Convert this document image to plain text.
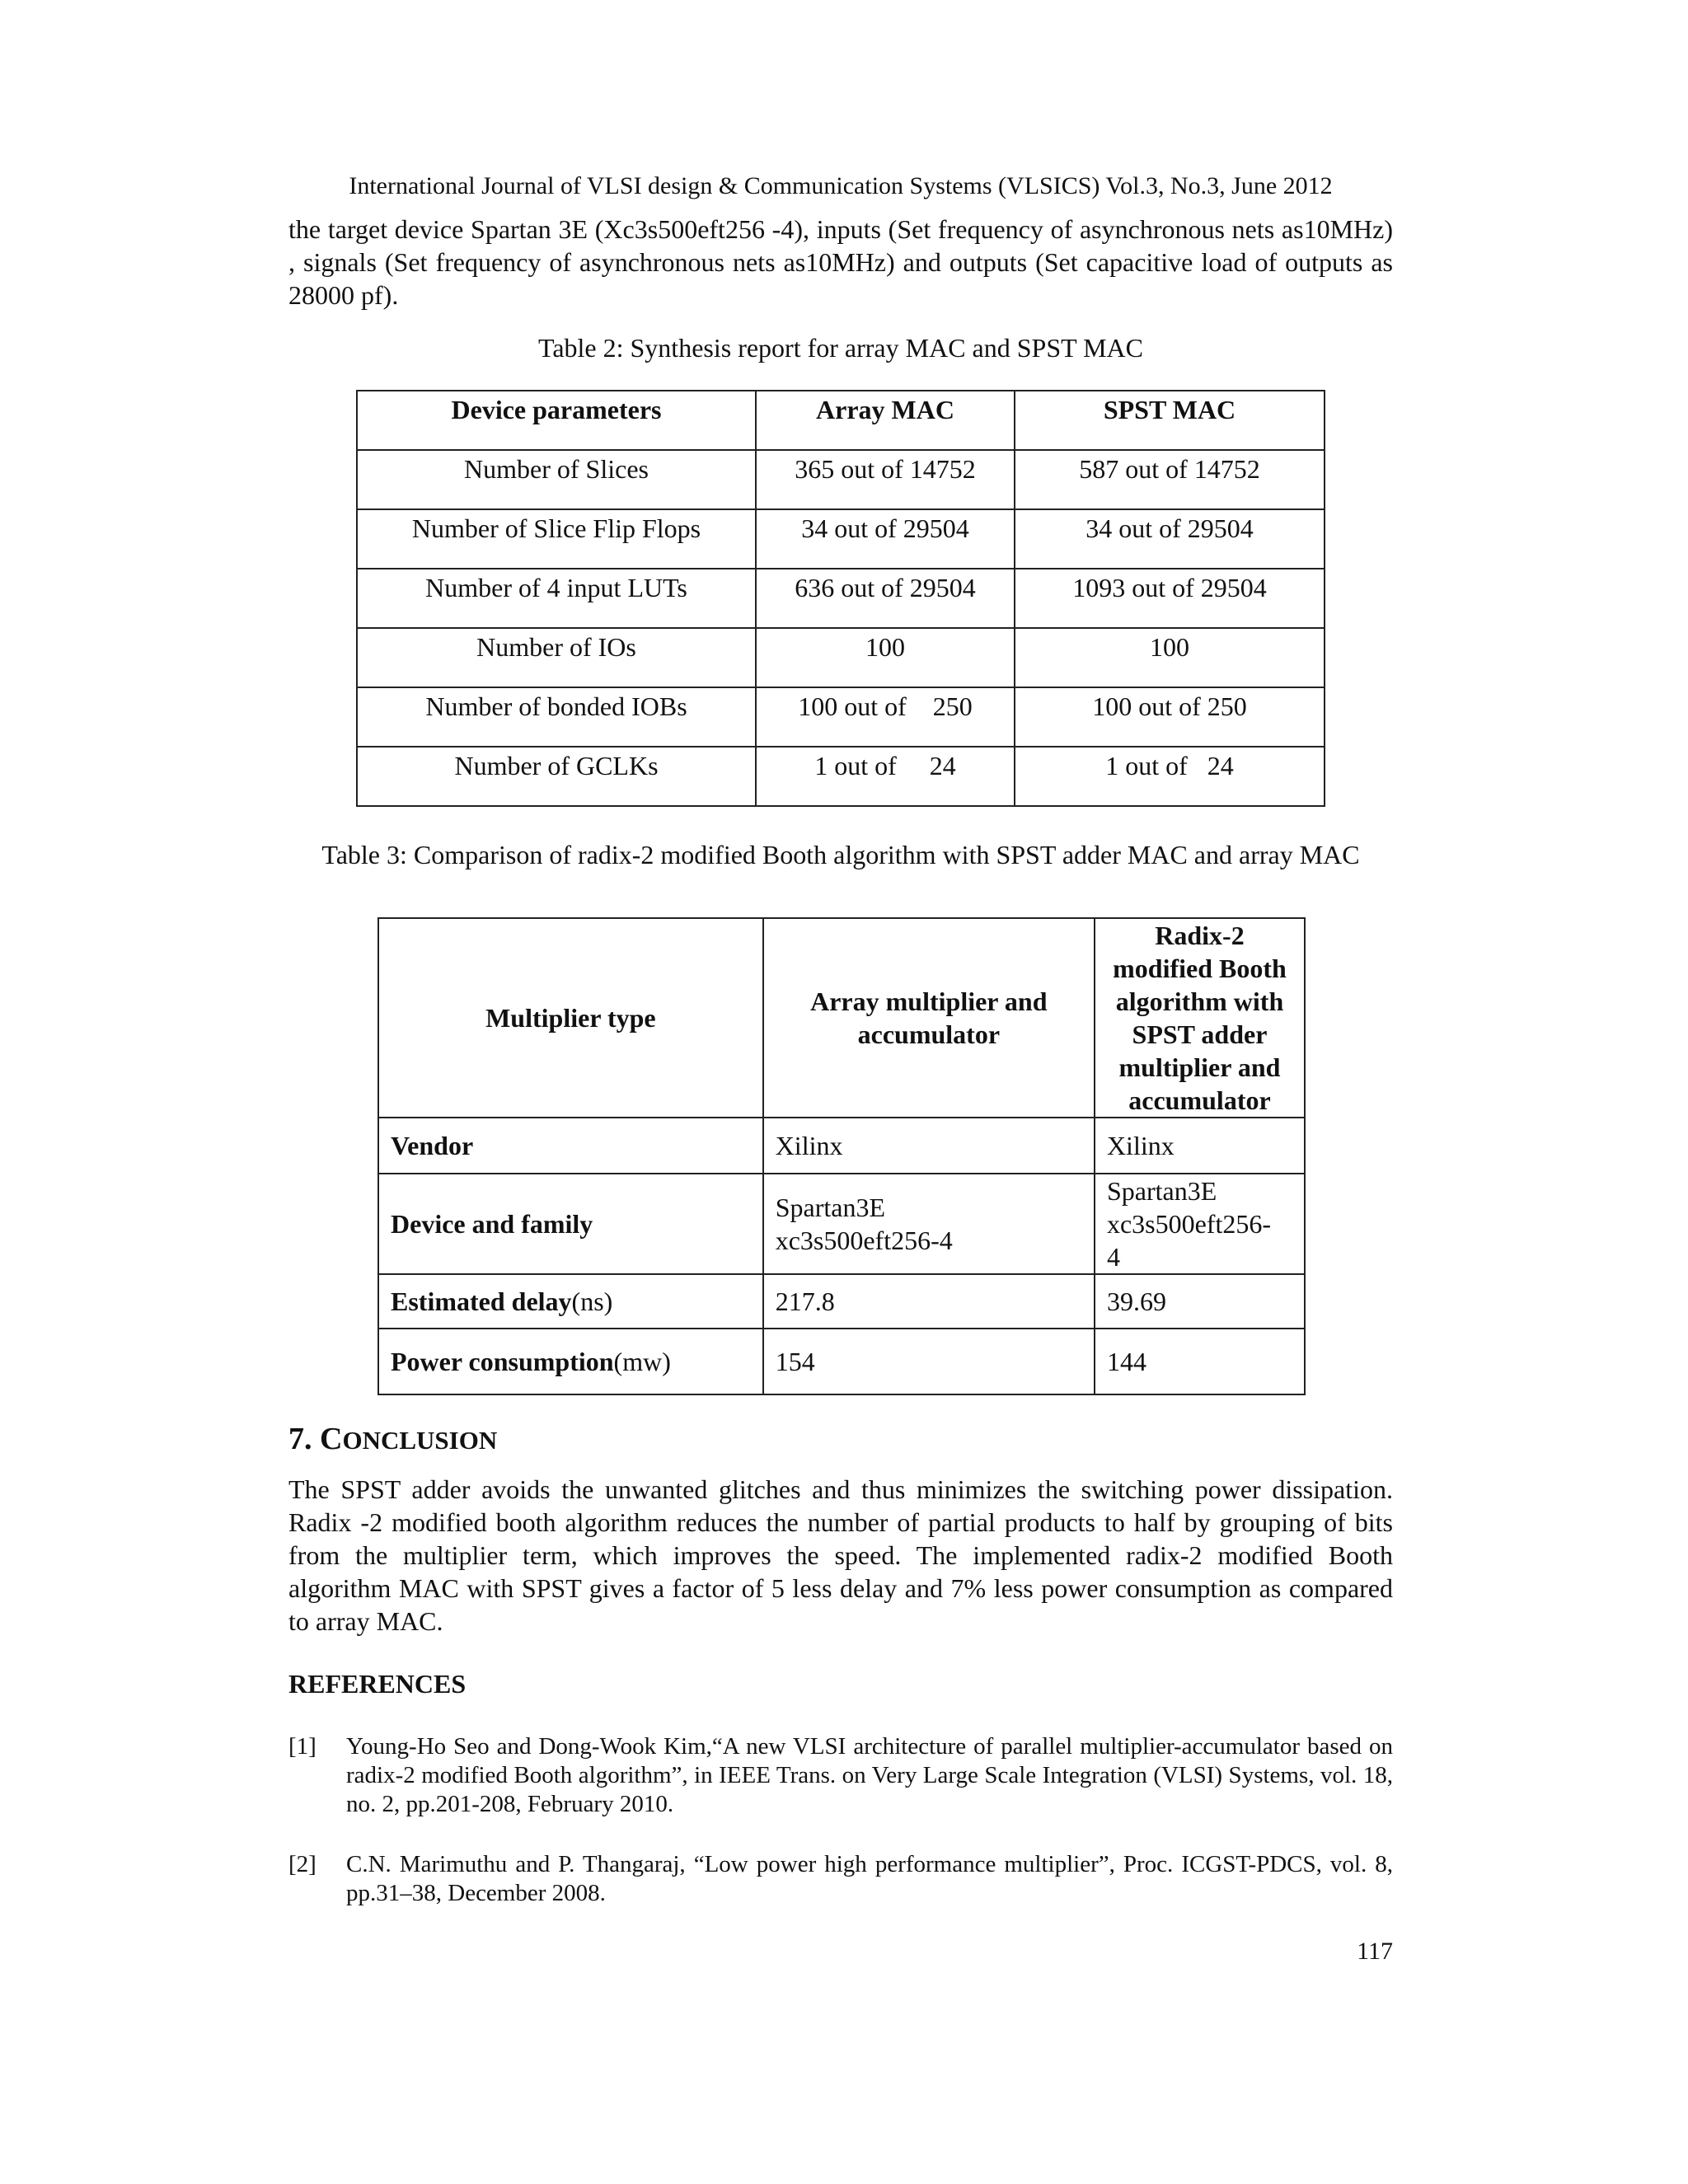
International Journal of VLSI design & Communication Systems (VLSICS) Vol.3, No.3, June 2012

the target device Spartan 3E (Xc3s500eft256 -4), inputs (Set frequency of asynchronous nets as10MHz) , signals (Set frequency of asynchronous nets as10MHz) and outputs (Set capacitive load of outputs as 28000 pf).

Table 2: Synthesis report for array MAC and SPST MAC

Device parameters	Array MAC	SPST MAC
Number of Slices	365 out of 14752	587 out of 14752
Number of Slice Flip Flops	34 out of 29504	34 out of 29504
Number of 4 input LUTs	636 out of 29504	1093 out of 29504
Number of IOs	100	100
Number of bonded IOBs	100 out of    250	100 out of 250
Number of GCLKs	1 out of     24	1 out of   24

Table 3: Comparison of radix-2 modified Booth algorithm with SPST adder MAC and array MAC

Multiplier type	Array multiplier and accumulator	Radix-2 modified Booth algorithm with SPST adder multiplier and accumulator
Vendor	Xilinx	Xilinx
Device and family	Spartan3E xc3s500eft256-4	Spartan3E xc3s500eft256-4
Estimated delay(ns)	217.8	39.69
Power consumption(mw)	154	144
7. CONCLUSION

The SPST adder avoids the unwanted glitches and thus minimizes the switching power dissipation. Radix -2 modified booth algorithm reduces the number of partial products to half by grouping of bits from the multiplier term, which improves the speed. The implemented radix-2 modified Booth algorithm MAC with SPST gives a factor of 5 less delay and 7% less power consumption as compared to array MAC.

REFERENCES

[1] Young-Ho Seo and Dong-Wook Kim,“A new VLSI architecture of parallel multiplier-accumulator based on radix-2 modified Booth algorithm”, in IEEE Trans. on Very Large Scale Integration (VLSI) Systems, vol. 18, no. 2, pp.201-208, February 2010.
[2] C.N. Marimuthu and P. Thangaraj, “Low power high performance multiplier”, Proc. ICGST-PDCS, vol. 8, pp.31–38, December 2008.
117
